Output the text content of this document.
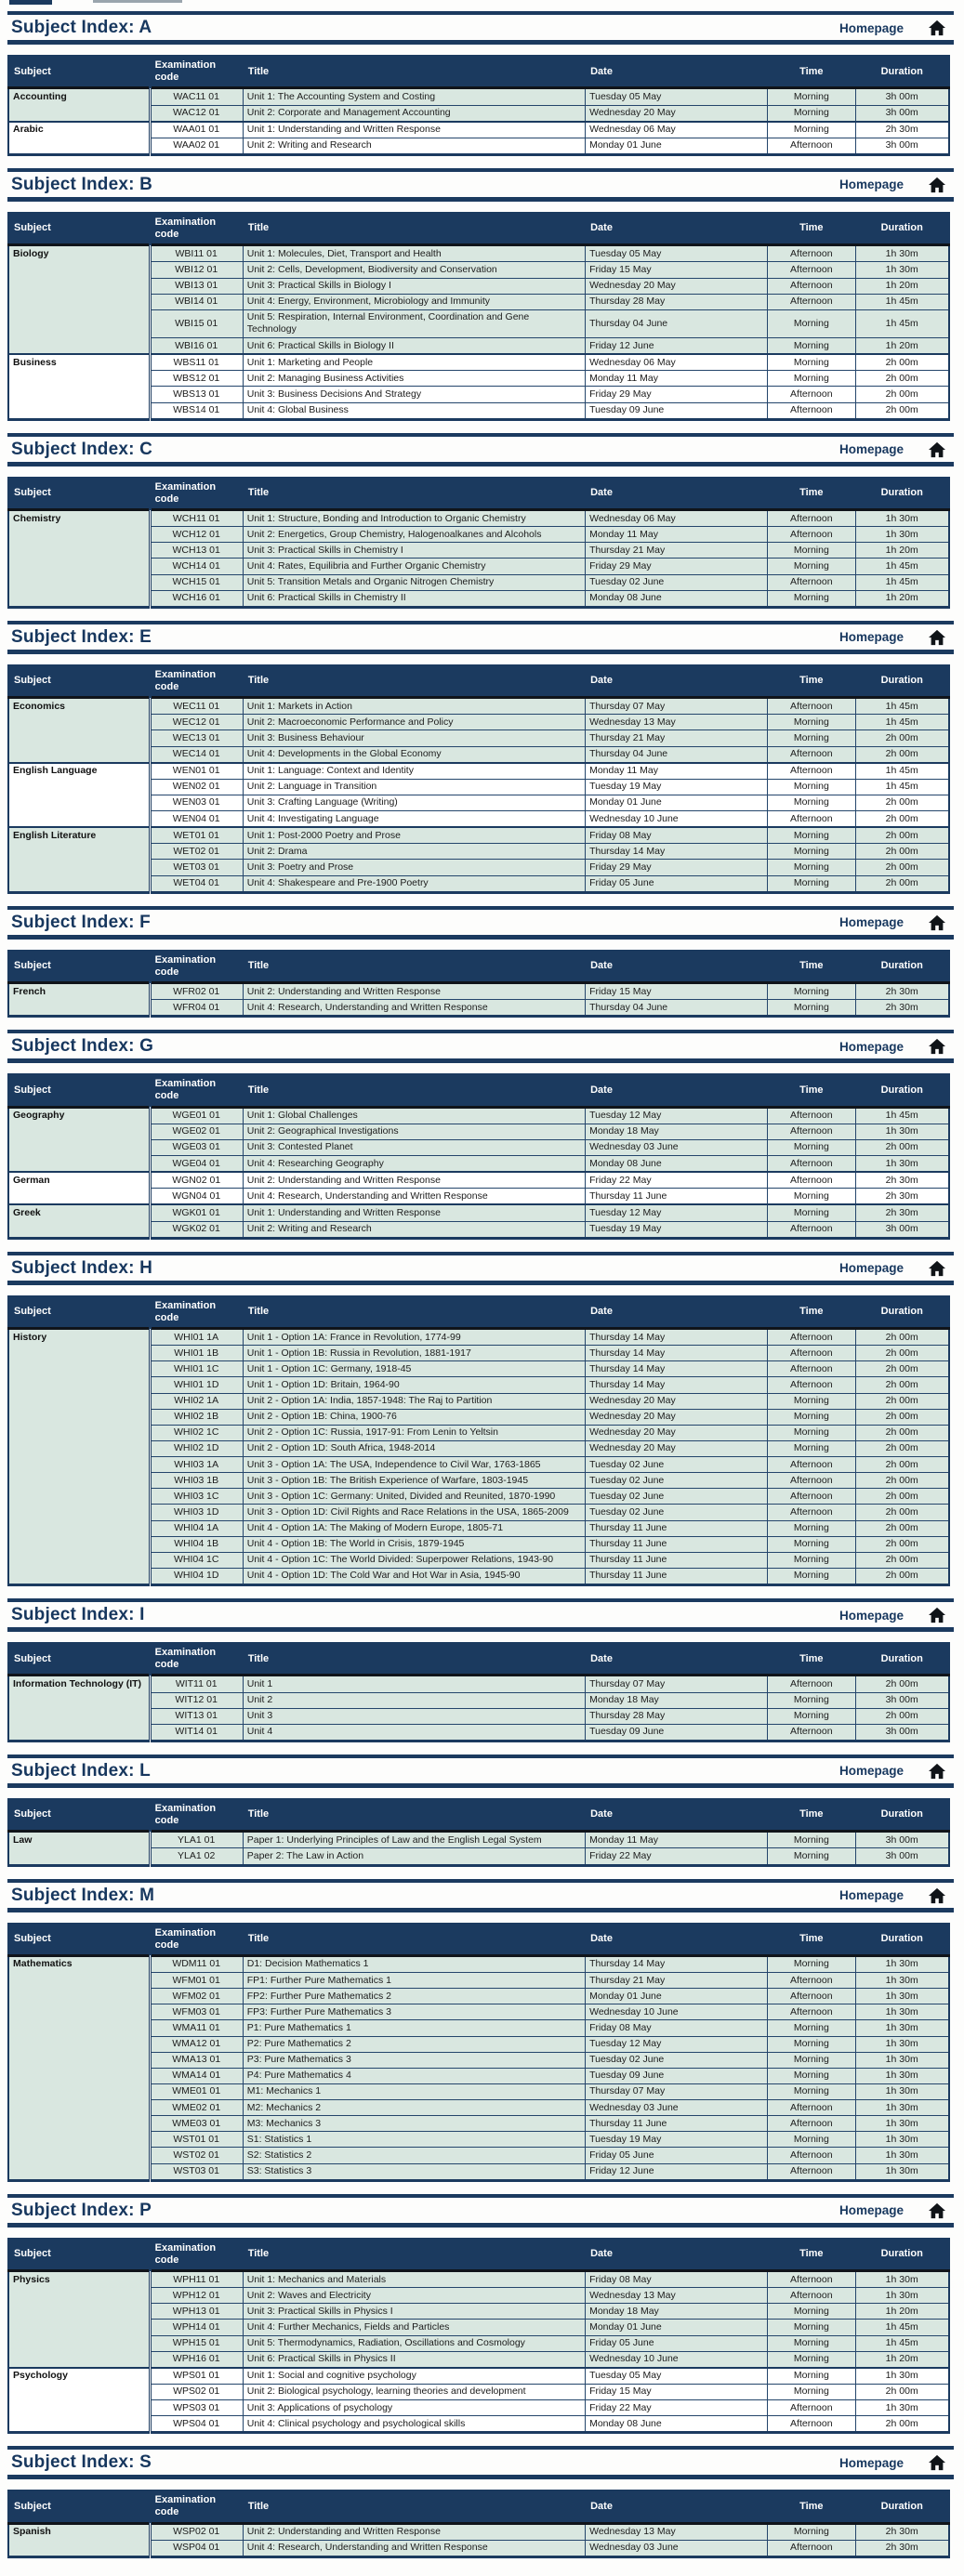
Subject Index: A	Homepage
Subject	Examination code	Title	Date	Time	Duration
Accounting	WAC11 01	Unit 1: The Accounting System and Costing	Tuesday 05 May	Morning	3h 00m
	WAC12 01	Unit 2: Corporate and Management Accounting	Wednesday 20 May	Morning	3h 00m
Arabic	WAA01 01	Unit 1: Understanding and Written Response	Wednesday 06 May	Morning	2h 30m
	WAA02 01	Unit 2: Writing and Research	Monday 01 June	Afternoon	3h 00m
Subject Index: B	Homepage
Subject	Examination code	Title	Date	Time	Duration
Biology	WBI11 01	Unit 1: Molecules, Diet, Transport and Health	Tuesday 05 May	Afternoon	1h 30m
	WBI12 01	Unit 2: Cells, Development, Biodiversity and Conservation	Friday 15 May	Afternoon	1h 30m
	WBI13 01	Unit 3: Practical Skills in Biology I	Wednesday 20 May	Afternoon	1h 20m
	WBI14 01	Unit 4: Energy, Environment, Microbiology and Immunity	Thursday 28 May	Afternoon	1h 45m
	WBI15 01	Unit 5: Respiration, Internal Environment, Coordination and Gene Technology	Thursday 04 June	Morning	1h 45m
	WBI16 01	Unit 6: Practical Skills in Biology II	Friday 12 June	Morning	1h 20m
Business	WBS11 01	Unit 1: Marketing and People	Wednesday 06 May	Morning	2h 00m
	WBS12 01	Unit 2: Managing Business Activities	Monday 11 May	Morning	2h 00m
	WBS13 01	Unit 3: Business Decisions And Strategy	Friday 29 May	Afternoon	2h 00m
	WBS14 01	Unit 4: Global Business	Tuesday 09 June	Afternoon	2h 00m
Subject Index: C	Homepage
Subject	Examination code	Title	Date	Time	Duration
Chemistry	WCH11 01	Unit 1: Structure, Bonding and Introduction to Organic Chemistry	Wednesday 06 May	Afternoon	1h 30m
	WCH12 01	Unit 2: Energetics, Group Chemistry, Halogenoalkanes and Alcohols	Monday 11 May	Afternoon	1h 30m
	WCH13 01	Unit 3: Practical Skills in Chemistry I	Thursday 21 May	Morning	1h 20m
	WCH14 01	Unit 4: Rates, Equilibria and Further Organic Chemistry	Friday 29 May	Morning	1h 45m
	WCH15 01	Unit 5: Transition Metals and Organic Nitrogen Chemistry	Tuesday 02 June	Afternoon	1h 45m
	WCH16 01	Unit 6: Practical Skills in Chemistry II	Monday 08 June	Morning	1h 20m
Subject Index: E	Homepage
Subject	Examination code	Title	Date	Time	Duration
Economics	WEC11 01	Unit 1: Markets in Action	Thursday 07 May	Afternoon	1h 45m
	WEC12 01	Unit 2: Macroeconomic Performance and Policy	Wednesday 13 May	Morning	1h 45m
	WEC13 01	Unit 3: Business Behaviour	Thursday 21 May	Morning	2h 00m
	WEC14 01	Unit 4: Developments in the Global Economy	Thursday 04 June	Afternoon	2h 00m
English Language	WEN01 01	Unit 1: Language: Context and Identity	Monday 11 May	Afternoon	1h 45m
	WEN02 01	Unit 2: Language in Transition	Tuesday 19 May	Morning	1h 45m
	WEN03 01	Unit 3: Crafting Language (Writing)	Monday 01 June	Morning	2h 00m
	WEN04 01	Unit 4: Investigating Language	Wednesday 10 June	Afternoon	2h 00m
English Literature	WET01 01	Unit 1: Post-2000 Poetry and Prose	Friday 08 May	Morning	2h 00m
	WET02 01	Unit 2: Drama	Thursday 14 May	Morning	2h 00m
	WET03 01	Unit 3: Poetry and Prose	Friday 29 May	Morning	2h 00m
	WET04 01	Unit 4: Shakespeare and Pre-1900 Poetry	Friday 05 June	Morning	2h 00m
Subject Index: F	Homepage
Subject	Examination code	Title	Date	Time	Duration
French	WFR02 01	Unit 2: Understanding and Written Response	Friday 15 May	Morning	2h 30m
	WFR04 01	Unit 4: Research, Understanding and Written Response	Thursday 04 June	Morning	2h 30m
Subject Index: G	Homepage
Subject	Examination code	Title	Date	Time	Duration
Geography	WGE01 01	Unit 1: Global Challenges	Tuesday 12 May	Afternoon	1h 45m
	WGE02 01	Unit 2: Geographical Investigations	Monday 18 May	Afternoon	1h 30m
	WGE03 01	Unit 3: Contested Planet	Wednesday 03 June	Morning	2h 00m
	WGE04 01	Unit 4: Researching Geography	Monday 08 June	Afternoon	1h 30m
German	WGN02 01	Unit 2: Understanding and Written Response	Friday 22 May	Afternoon	2h 30m
	WGN04 01	Unit 4: Research, Understanding and Written Response	Thursday 11 June	Morning	2h 30m
Greek	WGK01 01	Unit 1: Understanding and Written Response	Tuesday 12 May	Morning	2h 30m
	WGK02 01	Unit 2: Writing and Research	Tuesday 19 May	Afternoon	3h 00m
Subject Index: H	Homepage
Subject	Examination code	Title	Date	Time	Duration
History	WHI01 1A	Unit 1 - Option 1A: France in Revolution, 1774-99	Thursday 14 May	Afternoon	2h 00m
	WHI01 1B	Unit 1 - Option 1B: Russia in Revolution, 1881-1917	Thursday 14 May	Afternoon	2h 00m
	WHI01 1C	Unit 1 - Option 1C: Germany, 1918-45	Thursday 14 May	Afternoon	2h 00m
	WHI01 1D	Unit 1 - Option 1D: Britain, 1964-90	Thursday 14 May	Afternoon	2h 00m
	WHI02 1A	Unit 2 - Option 1A: India, 1857-1948: The Raj to Partition	Wednesday 20 May	Morning	2h 00m
	WHI02 1B	Unit 2 - Option 1B: China, 1900-76	Wednesday 20 May	Morning	2h 00m
	WHI02 1C	Unit 2 - Option 1C: Russia, 1917-91: From Lenin to Yeltsin	Wednesday 20 May	Morning	2h 00m
	WHI02 1D	Unit 2 - Option 1D: South Africa, 1948-2014	Wednesday 20 May	Morning	2h 00m
	WHI03 1A	Unit 3 - Option 1A: The USA, Independence to Civil War, 1763-1865	Tuesday 02 June	Afternoon	2h 00m
	WHI03 1B	Unit 3 - Option 1B: The British Experience of Warfare, 1803-1945	Tuesday 02 June	Afternoon	2h 00m
	WHI03 1C	Unit 3 - Option 1C: Germany: United, Divided and Reunited, 1870-1990	Tuesday 02 June	Afternoon	2h 00m
	WHI03 1D	Unit 3 - Option 1D: Civil Rights and Race Relations in the USA, 1865-2009	Tuesday 02 June	Afternoon	2h 00m
	WHI04 1A	Unit 4 - Option 1A: The Making of Modern Europe, 1805-71	Thursday 11 June	Morning	2h 00m
	WHI04 1B	Unit 4 - Option 1B: The World in Crisis, 1879-1945	Thursday 11 June	Morning	2h 00m
	WHI04 1C	Unit 4 - Option 1C: The World Divided: Superpower Relations, 1943-90	Thursday 11 June	Morning	2h 00m
	WHI04 1D	Unit 4 - Option 1D: The Cold War and Hot War in Asia, 1945-90	Thursday 11 June	Morning	2h 00m
Subject Index: I	Homepage
Subject	Examination code	Title	Date	Time	Duration
Information Technology (IT)	WIT11 01	Unit 1	Thursday 07 May	Afternoon	2h 00m
	WIT12 01	Unit 2	Monday 18 May	Morning	3h 00m
	WIT13 01	Unit 3	Thursday 28 May	Morning	2h 00m
	WIT14 01	Unit 4	Tuesday 09 June	Afternoon	3h 00m
Subject Index: L	Homepage
Subject	Examination code	Title	Date	Time	Duration
Law	YLA1 01	Paper 1: Underlying Principles of Law and the English Legal System	Monday 11 May	Morning	3h 00m
	YLA1 02	Paper 2: The Law in Action	Friday 22 May	Morning	3h 00m
Subject Index: M	Homepage
Subject	Examination code	Title	Date	Time	Duration
Mathematics	WDM11 01	D1: Decision Mathematics 1	Thursday 14 May	Morning	1h 30m
	WFM01 01	FP1: Further Pure Mathematics 1	Thursday 21 May	Afternoon	1h 30m
	WFM02 01	FP2: Further Pure Mathematics 2	Monday 01 June	Afternoon	1h 30m
	WFM03 01	FP3: Further Pure Mathematics 3	Wednesday 10 June	Afternoon	1h 30m
	WMA11 01	P1: Pure Mathematics 1	Friday 08 May	Morning	1h 30m
	WMA12 01	P2: Pure Mathematics 2	Tuesday 12 May	Morning	1h 30m
	WMA13 01	P3: Pure Mathematics 3	Tuesday 02 June	Morning	1h 30m
	WMA14 01	P4: Pure Mathematics 4	Tuesday 09 June	Morning	1h 30m
	WME01 01	M1: Mechanics 1	Thursday 07 May	Morning	1h 30m
	WME02 01	M2: Mechanics 2	Wednesday 03 June	Afternoon	1h 30m
	WME03 01	M3: Mechanics 3	Thursday 11 June	Afternoon	1h 30m
	WST01 01	S1: Statistics 1	Tuesday 19 May	Morning	1h 30m
	WST02 01	S2: Statistics 2	Friday 05 June	Afternoon	1h 30m
	WST03 01	S3: Statistics 3	Friday 12 June	Afternoon	1h 30m
Subject Index: P	Homepage
Subject	Examination code	Title	Date	Time	Duration
Physics	WPH11 01	Unit 1: Mechanics and Materials	Friday 08 May	Afternoon	1h 30m
	WPH12 01	Unit 2: Waves and Electricity	Wednesday 13 May	Afternoon	1h 30m
	WPH13 01	Unit 3: Practical Skills in Physics I	Monday 18 May	Morning	1h 20m
	WPH14 01	Unit 4: Further Mechanics, Fields and Particles	Monday 01 June	Morning	1h 45m
	WPH15 01	Unit 5: Thermodynamics, Radiation, Oscillations and Cosmology	Friday 05 June	Morning	1h 45m
	WPH16 01	Unit 6: Practical Skills in Physics II	Wednesday 10 June	Morning	1h 20m
Psychology	WPS01 01	Unit 1: Social and cognitive psychology	Tuesday 05 May	Morning	1h 30m
	WPS02 01	Unit 2: Biological psychology, learning theories and development	Friday 15 May	Morning	2h 00m
	WPS03 01	Unit 3: Applications of psychology	Friday 22 May	Afternoon	1h 30m
	WPS04 01	Unit 4: Clinical psychology and psychological skills	Monday 08 June	Afternoon	2h 00m
Subject Index: S	Homepage
Subject	Examination code	Title	Date	Time	Duration
Spanish	WSP02 01	Unit 2: Understanding and Written Response	Wednesday 13 May	Morning	2h 30m
	WSP04 01	Unit 4: Research, Understanding and Written Response	Wednesday 03 June	Afternoon	2h 30m
